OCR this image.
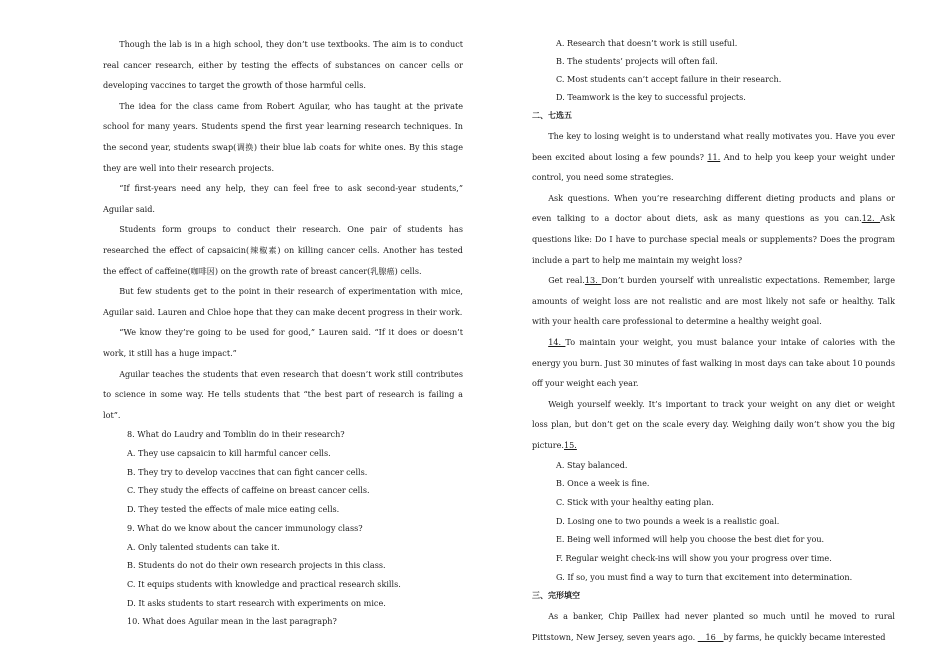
Though the lab is in a high school, they don’t use textbooks. The aim is to conduct real cancer research, either by testing the effects of substances on cancer cells or developing vaccines to target the growth of those harmful cells.

The idea for the class came from Robert Aguilar, who has taught at the private school for many years. Students spend the first year learning research techniques. In the second year, students swap(调换) their blue lab coats for white ones. By this stage they are well into their research projects.

“If first-years need any help, they can feel free to ask second-year students,” Aguilar said.

Students form groups to conduct their research. One pair of students has researched the effect of capsaicin(辣椒素) on killing cancer cells. Another has tested the effect of caffeine(咖啡因) on the growth rate of breast cancer(乳腺癌) cells.

But few students get to the point in their research of experimentation with mice, Aguilar said. Lauren and Chloe hope that they can make decent progress in their work.

“We know they’re going to be used for good,” Lauren said. “If it does or doesn’t work, it still has a huge impact.”

Aguilar teaches the students that even research that doesn’t work still contributes to science in some way. He tells students that “the best part of research is failing a lot”.

8. What do Laudry and Tomblin do in their research?

A. They use capsaicin to kill harmful cancer cells.

B. They try to develop vaccines that can fight cancer cells.

C. They study the effects of caffeine on breast cancer cells.

D. They tested the effects of male mice eating cells.

9. What do we know about the cancer immunology class?

A. Only talented students can take it.

B. Students do not do their own research projects in this class.

C. It equips students with knowledge and practical research skills.

D. It asks students to start research with experiments on mice.

10. What does Aguilar mean in the last paragraph?

A. Research that doesn’t work is still useful.

B. The students’ projects will often fail.

C. Most students can’t accept failure in their research.

D. Teamwork is the key to successful projects.

二、七选五

The key to losing weight is to understand what really motivates you. Have you ever been excited about losing a few pounds? 11. And to help you keep your weight under control, you need some strategies.

Ask questions. When you’re researching different dieting products and plans or even talking to a doctor about diets, ask as many questions as you can.12. Ask questions like: Do I have to purchase special meals or supplements? Does the program include a part to help me maintain my weight loss?

Get real.13. Don’t burden yourself with unrealistic expectations. Remember, large amounts of weight loss are not realistic and are most likely not safe or healthy. Talk with your health care professional to determine a healthy weight goal.

14. To maintain your weight, you must balance your intake of calories with the energy you burn. Just 30 minutes of fast walking in most days can take about 10 pounds off your weight each year.

Weigh yourself weekly. It’s important to track your weight on any diet or weight loss plan, but don’t get on the scale every day. Weighing daily won’t show you the big picture.15.

A. Stay balanced.

B. Once a week is fine.

C. Stick with your healthy eating plan.

D. Losing one to two pounds a week is a realistic goal.

E. Being well informed will help you choose the best diet for you.

F. Regular weight check-ins will show you your progress over time.

G. If so, you must find a way to turn that excitement into determination.

三、完形填空

As a banker, Chip Paillex had never planted so much until he moved to rural Pittstown, New Jersey, seven years ago.    16   by farms, he quickly became interested
